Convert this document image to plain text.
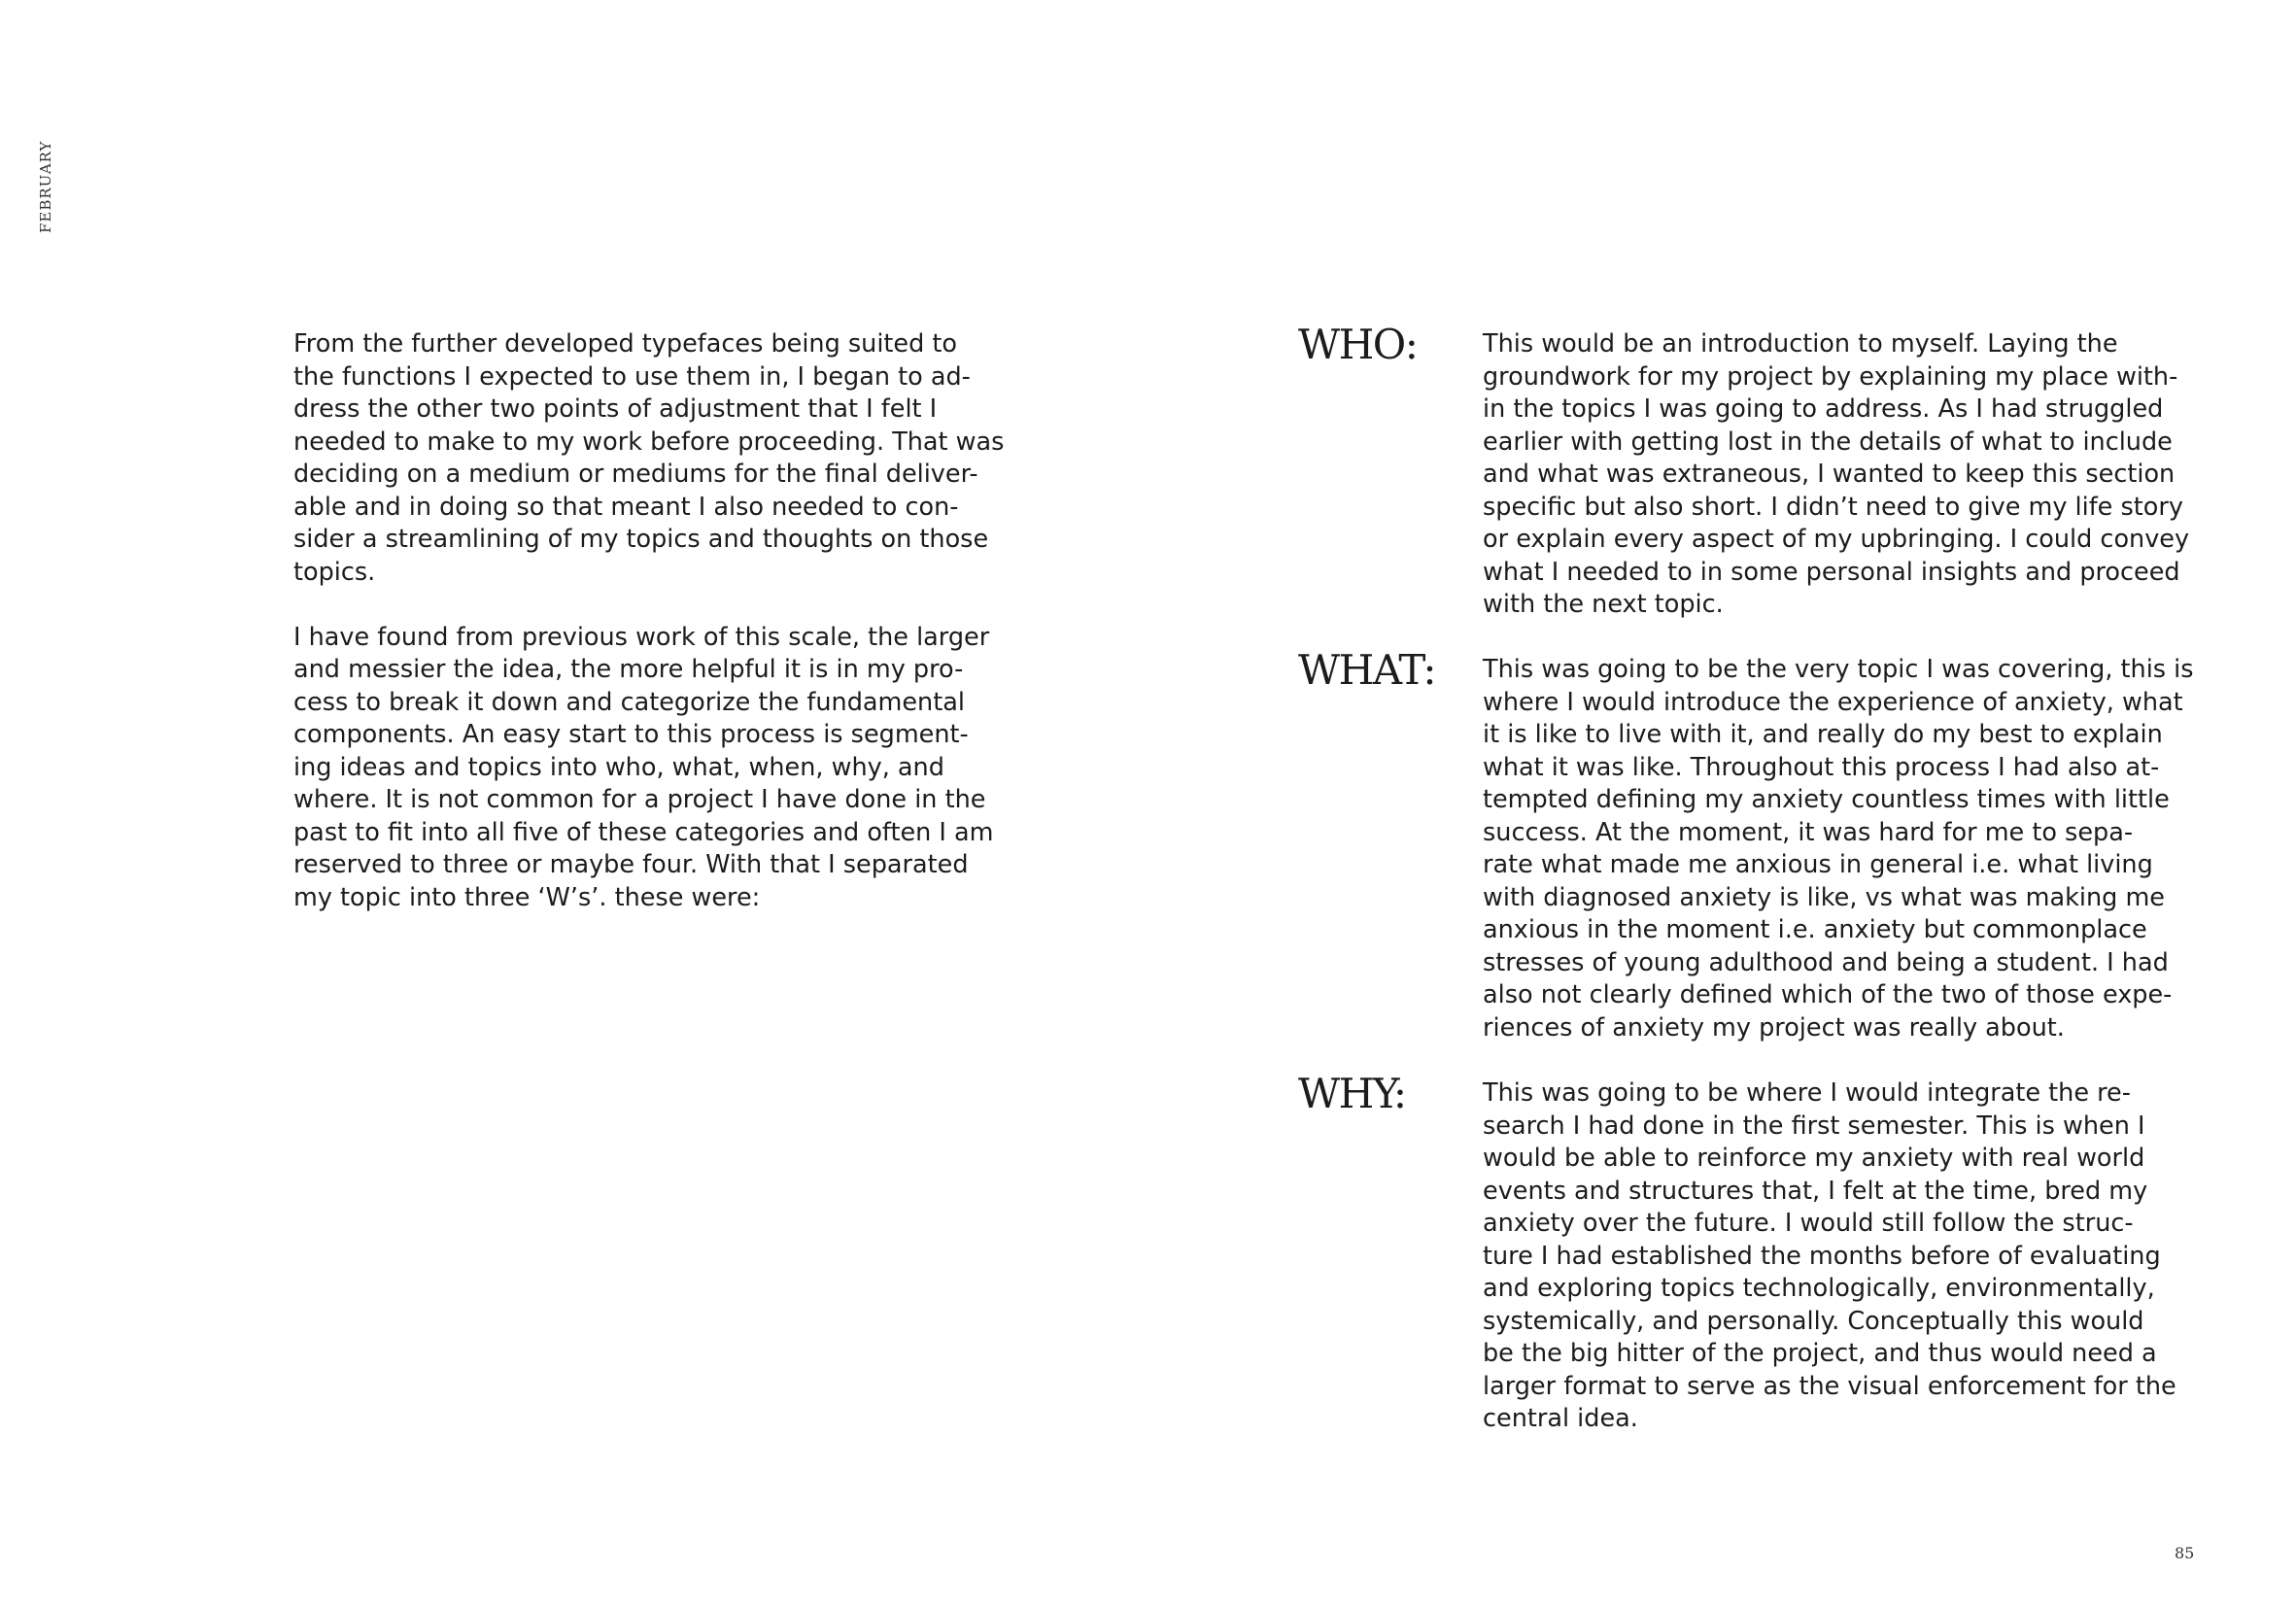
FEBRUARY

From the further developed typefaces being suited to
the functions I expected to use them in, I began to ad-
dress the other two points of adjustment that I felt I
needed to make to my work before proceeding. That was
deciding on a medium or mediums for the final deliver-
able and in doing so that meant I also needed to con-
sider a streamlining of my topics and thoughts on those
topics.

I have found from previous work of this scale, the larger
and messier the idea, the more helpful it is in my pro-
cess to break it down and categorize the fundamental
components. An easy start to this process is segment-
ing ideas and topics into who, what, when, why, and
where. It is not common for a project I have done in the
past to fit into all five of these categories and often I am
reserved to three or maybe four. With that I separated
my topic into three ‘W’s’. these were:

WHO:	This would be an introduction to myself. Laying the
groundwork for my project by explaining my place with-
in the topics I was going to address. As I had struggled
earlier with getting lost in the details of what to include
and what was extraneous, I wanted to keep this section
specific but also short. I didn’t need to give my life story
or explain every aspect of my upbringing. I could convey
what I needed to in some personal insights and proceed
with the next topic.

WHAT: This was going to be the very topic I was covering, this is
where I would introduce the experience of anxiety, what
it is like to live with it, and really do my best to explain
what it was like. Throughout this process I had also at-
tempted defining my anxiety countless times with little
success. At the moment, it was hard for me to sepa-
rate what made me anxious in general i.e. what living
with diagnosed anxiety is like, vs what was making me
anxious in the moment i.e. anxiety but commonplace
stresses of young adulthood and being a student. I had
also not clearly defined which of the two of those expe-
riences of anxiety my project was really about.

WHY:	This was going to be where I would integrate the re-
search I had done in the first semester. This is when I
would be able to reinforce my anxiety with real world
events and structures that, I felt at the time, bred my
anxiety over the future. I would still follow the struc-
ture I had established the months before of evaluating
and exploring topics technologically, environmentally,
systemically, and personally. Conceptually this would
be the big hitter of the project, and thus would need a
larger format to serve as the visual enforcement for the
central idea.

85
